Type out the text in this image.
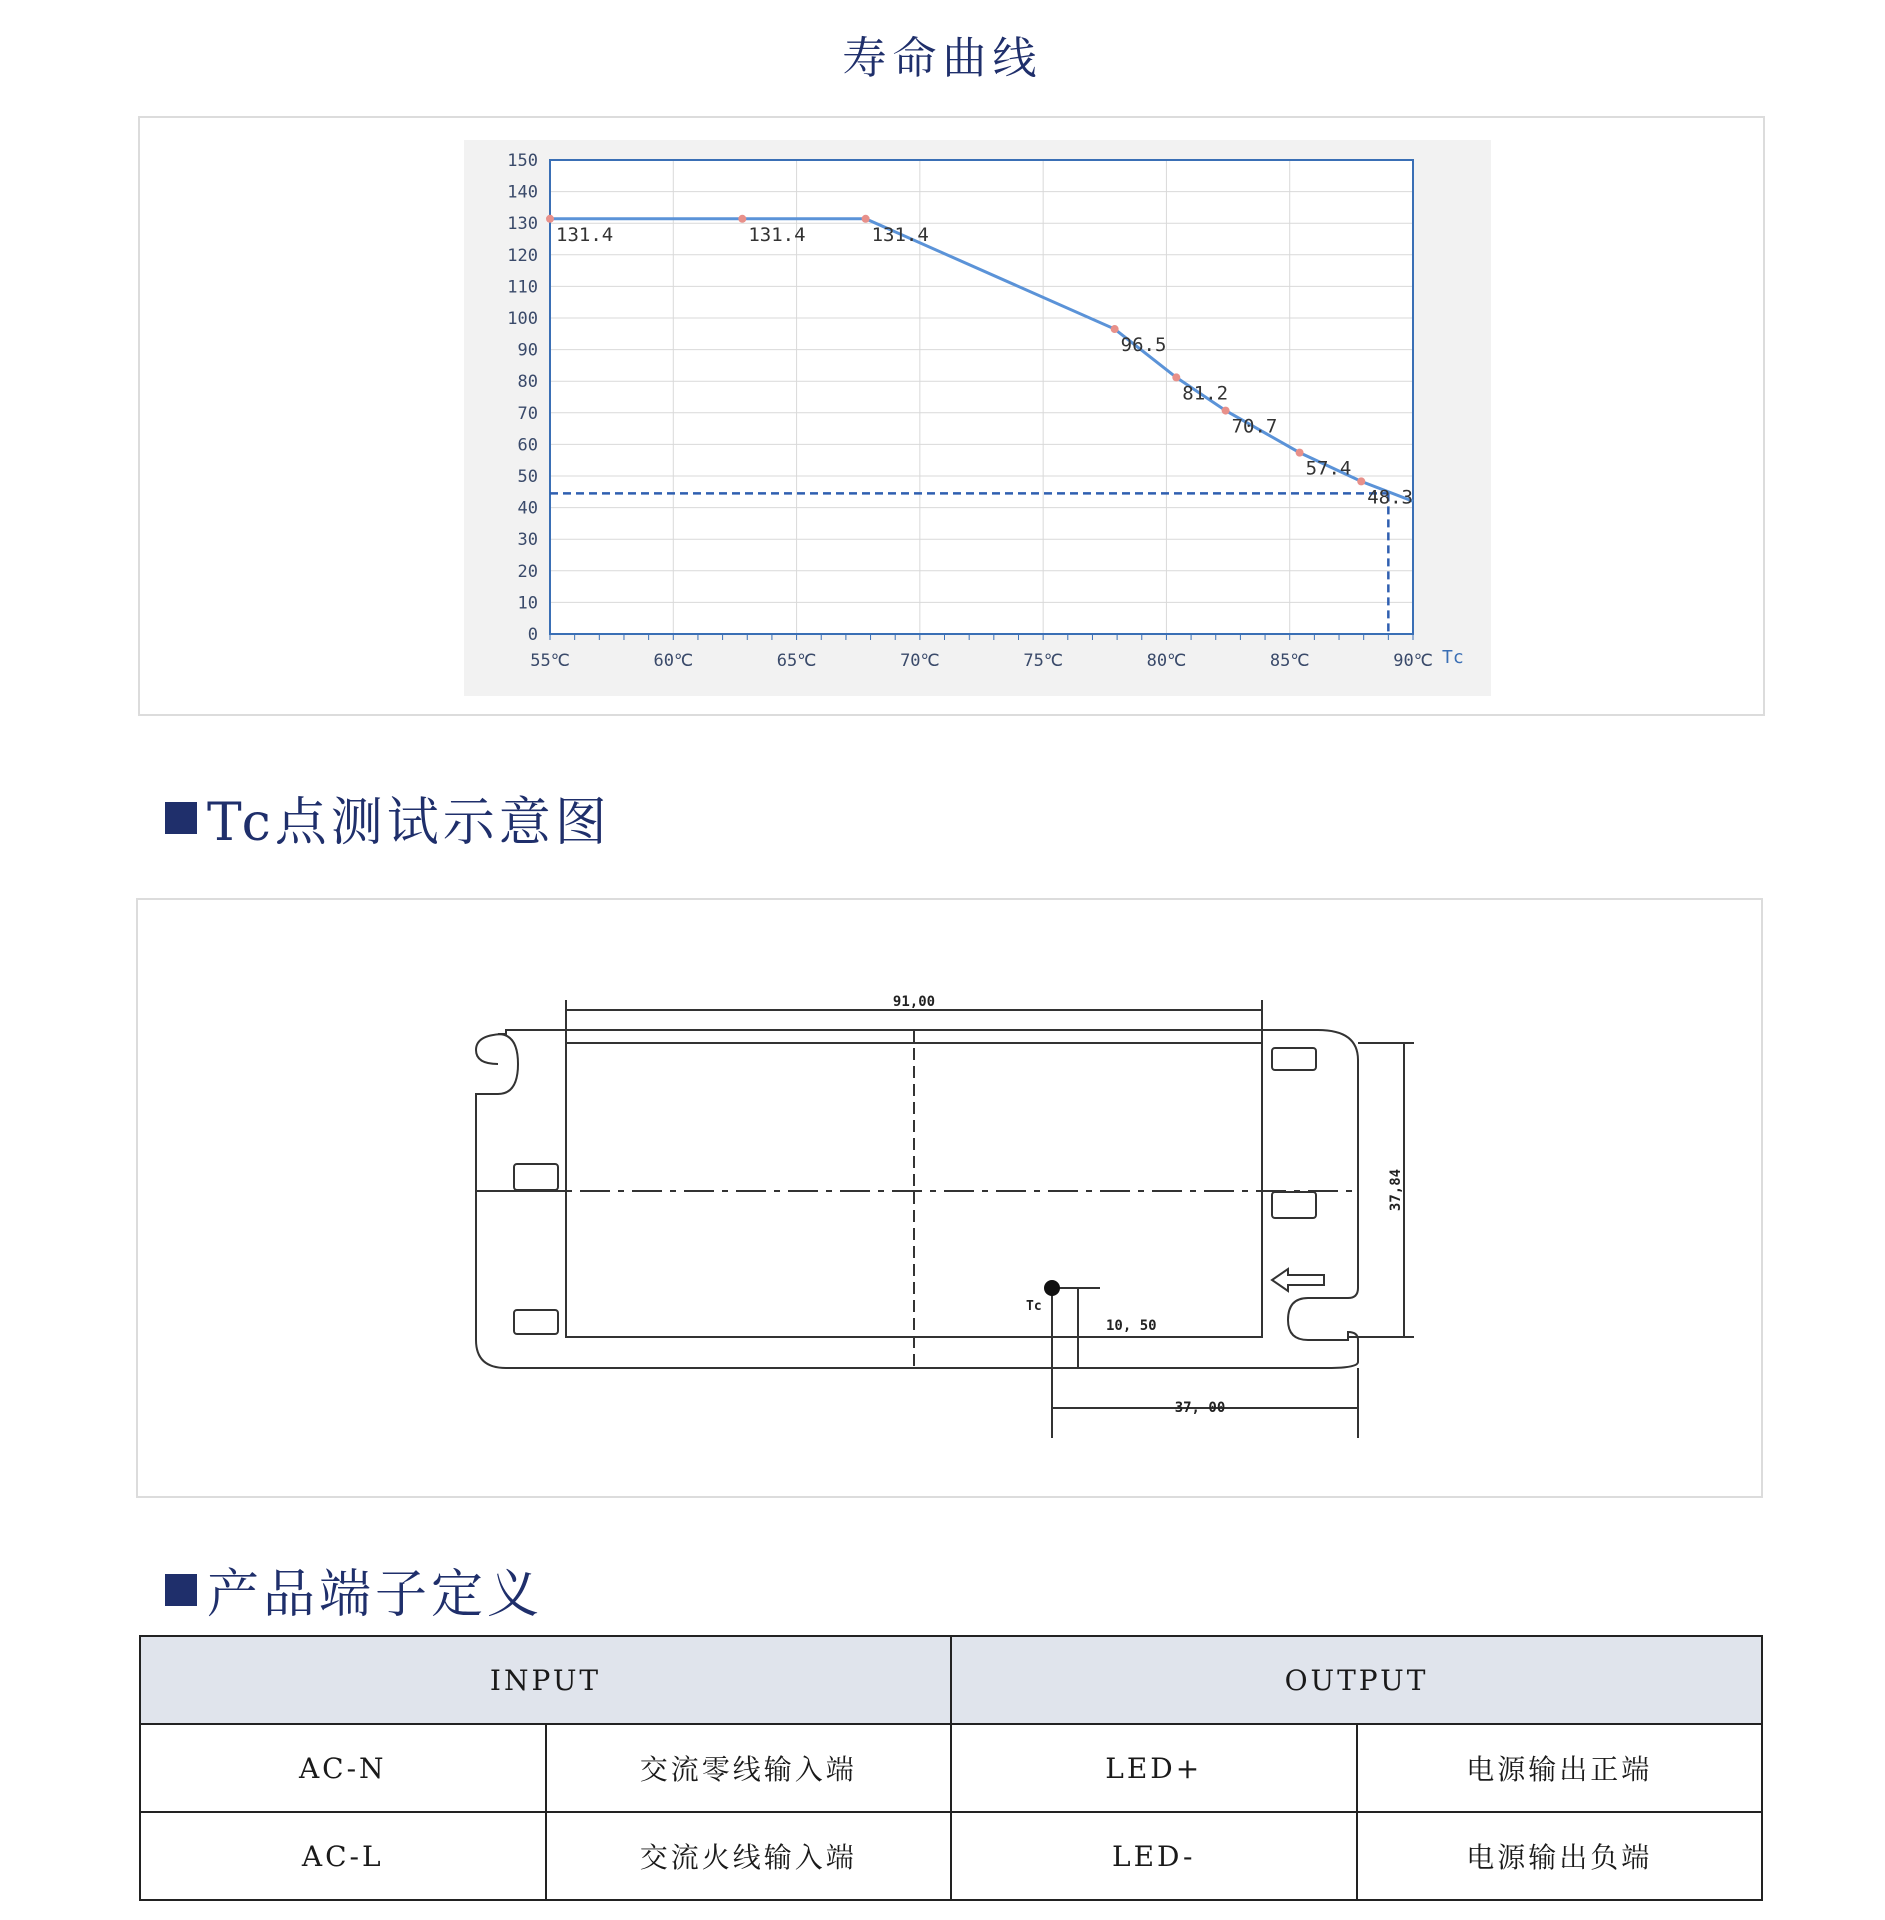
寿命曲线
0
10
20
30
40
50
60
70
80
90
100
110
120
130
140
150
55℃	60℃	65℃	70℃	75℃	80℃	85℃	90℃
131.4	131.4	131.4
96.5
81.2
70.7
57.4
48.3
Tc
Tc点测试示意图
91,00
37,84
Tc
10, 50
37, 00
产品端子定义
INPUT		OUTPUT	
AC-N	交流零线输入端	LED+	电源输出正端
AC-L	交流火线输入端	LED-	电源输出负端
